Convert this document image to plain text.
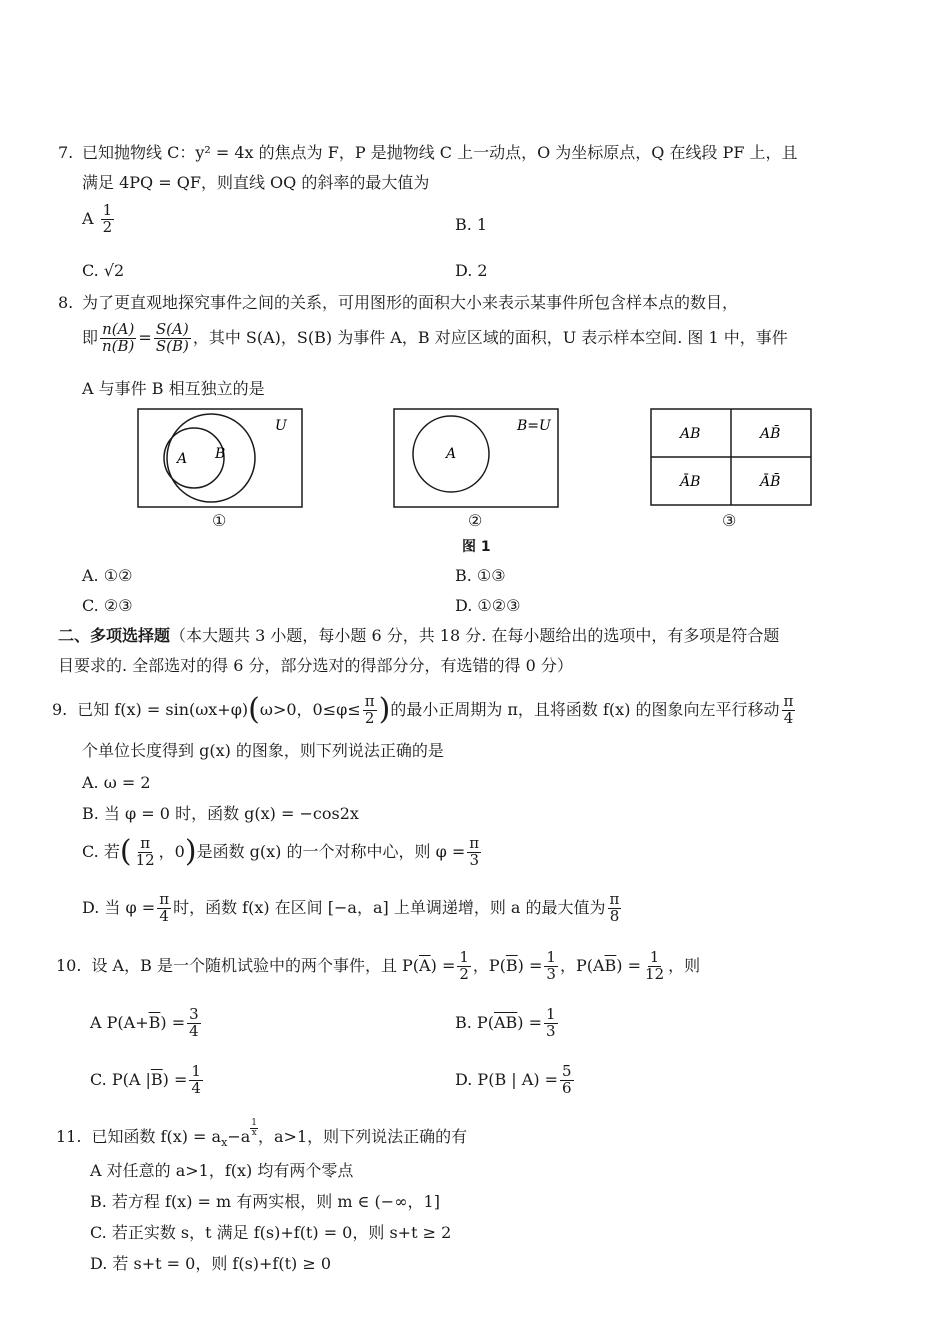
7. 已知抛物线 C：y² = 4x 的焦点为 F，P 是抛物线 C 上一动点，O 为坐标原点，Q 在线段 PF 上，且
满足 4PQ = QF，则直线 OQ 的斜率的最大值为
A $\frac{1}{2}$	B. 1
C. √2	D. 2
8. 为了更直观地探究事件之间的关系，可用图形的面积大小来表示某事件所包含样本点的数目，
即 $\frac{n(A)}{n(B)} = \frac{S(A)}{S(B)}$ ，其中 S(A)，S(B) 为事件 A，B 对应区域的面积，U 表示样本空间. 图 1 中，事件
A 与事件 B 相互独立的是
U
A B
①
B=U
A
②
AB	AB̄
ĀB	ĀB̄
③
图 1
A. ①②	B. ①③
C. ②③	D. ①②③
二、多项选择题（本大题共 3 小题，每小题 6 分，共 18 分. 在每小题给出的选项中，有多项是符合题
目要求的. 全部选对的得 6 分，部分选对的得部分分，有选错的得 0 分）
9. 已知 f(x) = sin(ωx+φ) ( ω>0，$0\le\varphi\le \frac{\pi}{2}$ ) 的最小正周期为 π，且将函数 f(x) 的图象向左平行移动 $\frac{\pi}{4}$
个单位长度得到 g(x) 的图象，则下列说法正确的是
A. ω = 2
B. 当 φ = 0 时，函数 g(x) = −cos2x
C. 若 ( $\frac{\pi}{12}$ ，0 ) 是函数 g(x) 的一个对称中心，则 $\varphi = \frac{\pi}{3}$
D. 当 $\varphi = \frac{\pi}{4}$ 时，函数 f(x) 在区间 [−a，a] 上单调递增，则 a 的最大值为 $\frac{\pi}{8}$
10. 设 A，B 是一个随机试验中的两个事件，且 P( $\overline{A}$ ) = $\frac{1}{2}$ ，P( $\overline{B}$ ) = $\frac{1}{3}$ ，P(A $\overline{B}$ ) = $\frac{1}{12}$ ，则
A $P(A+ \overline{B}$ ) = $\frac{3}{4}$	B. P( $\overline{A}$ $\overline{B}$ ) = $\frac{1}{3}$
C. P(A | $\overline{B}$ ) = $\frac{1}{4}$	D. P(B | $A) = \frac{5}{6}$
11. 已知函数 $f(x) = a_x -a \frac{1}{x}$ ，a>1，则下列说法正确的有
A 对任意的 a>1，f(x) 均有两个零点
B. 若方程 f(x) = m 有两实根，则 m ∈ (−∞，1]
C. 若正实数 s，t 满足 f(s)+f(t) = 0，则 s+t ≥ 2
D. 若 s+t = 0，则 f(s)+f(t) ≥ 0
